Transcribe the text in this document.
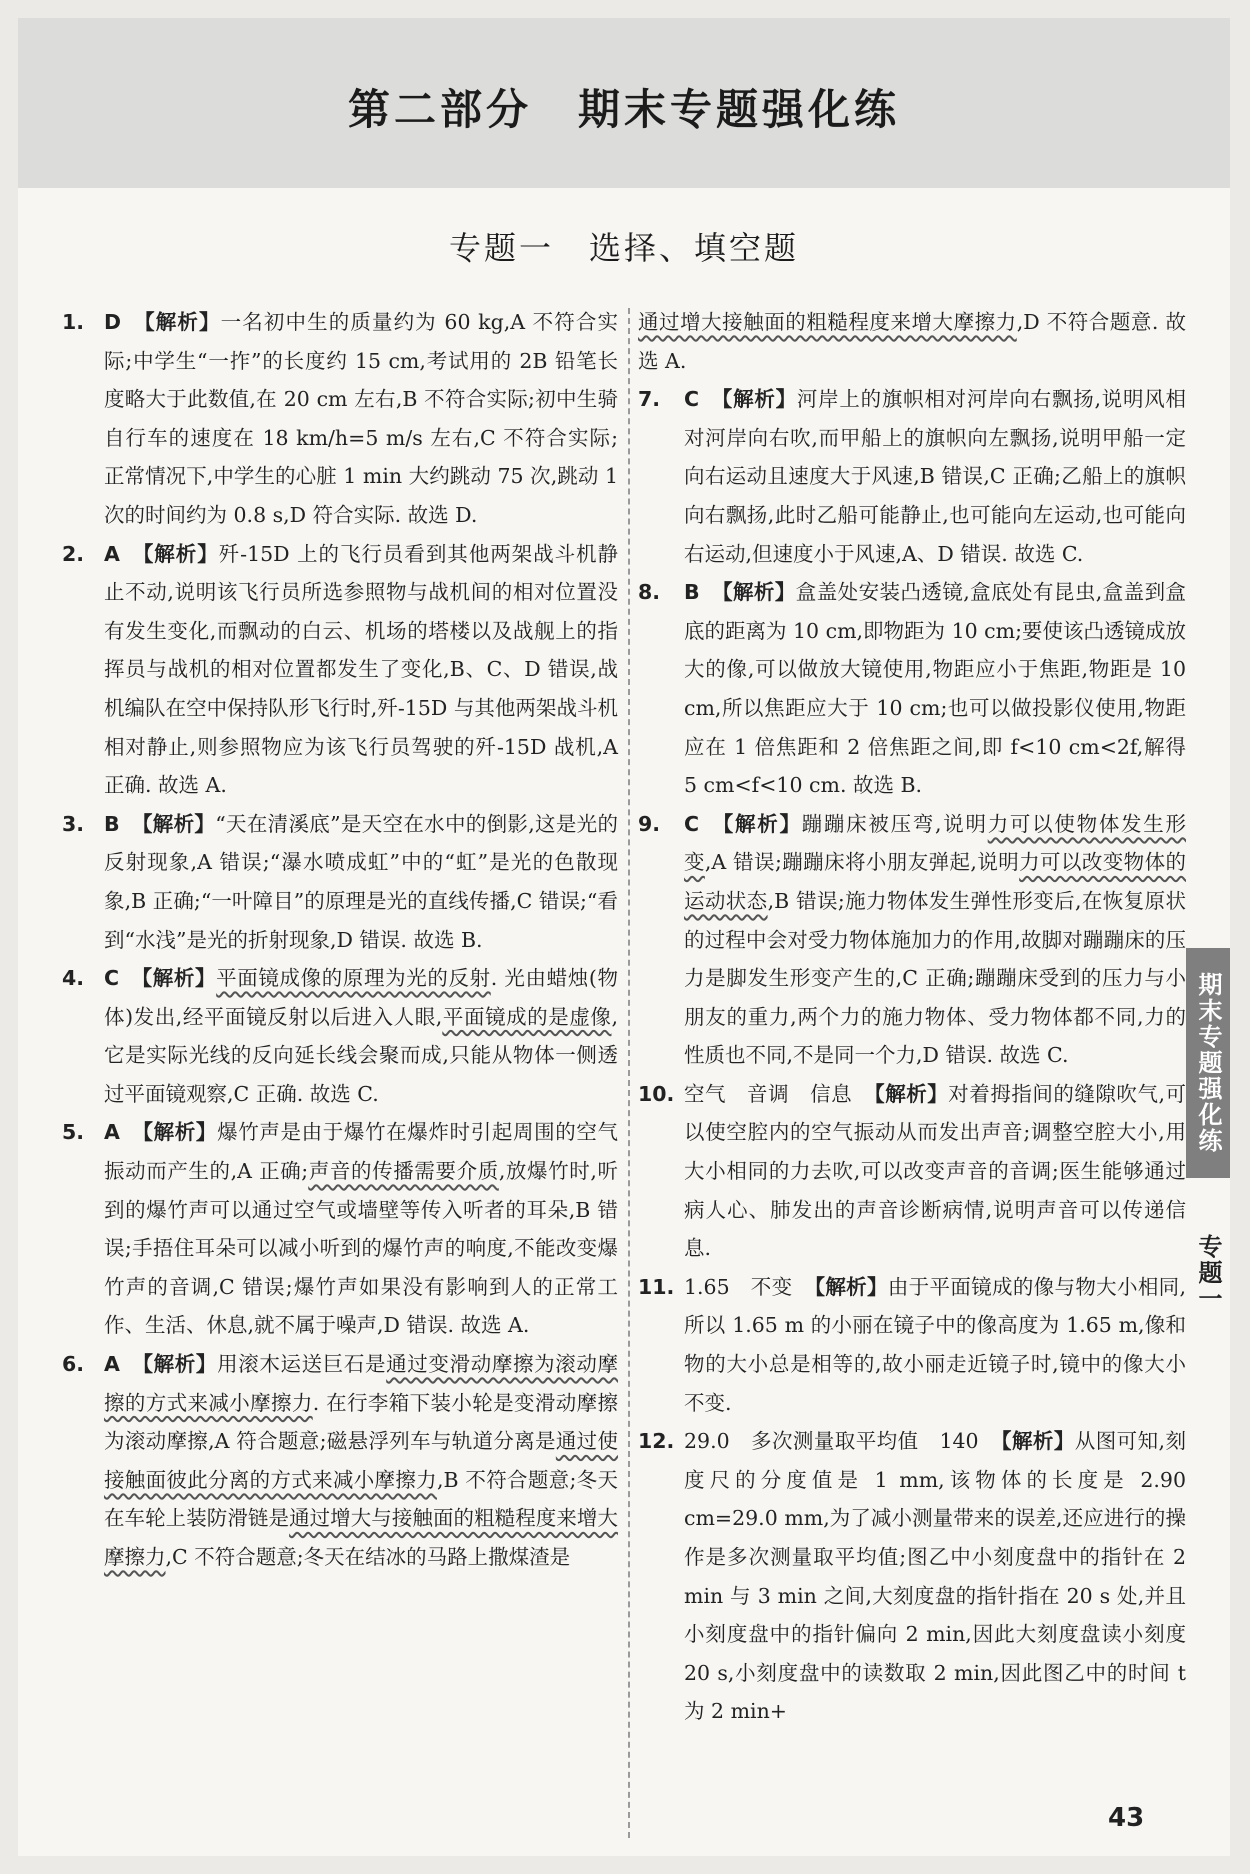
第二部分　期末专题强化练
专题一　选择、填空题
1. D 【解析】一名初中生的质量约为 60 kg,A 不符合实际;中学生“一拃”的长度约 15 cm,考试用的 2B 铅笔长度略大于此数值,在 20 cm 左右,B 不符合实际;初中生骑自行车的速度在 18 km/h=5 m/s 左右,C 不符合实际;正常情况下,中学生的心脏 1 min 大约跳动 75 次,跳动 1 次的时间约为 0.8 s,D 符合实际. 故选 D.
2. A 【解析】歼-15D 上的飞行员看到其他两架战斗机静止不动,说明该飞行员所选参照物与战机间的相对位置没有发生变化,而飘动的白云、机场的塔楼以及战舰上的指挥员与战机的相对位置都发生了变化,B、C、D 错误,战机编队在空中保持队形飞行时,歼-15D 与其他两架战斗机相对静止,则参照物应为该飞行员驾驶的歼-15D 战机,A 正确. 故选 A.
3. B 【解析】“天在清溪底”是天空在水中的倒影,这是光的反射现象,A 错误;“瀑水喷成虹”中的“虹”是光的色散现象,B 正确;“一叶障目”的原理是光的直线传播,C 错误;“看到“水浅”是光的折射现象,D 错误. 故选 B.
4. C 【解析】平面镜成像的原理为光的反射. 光由蜡烛(物体)发出,经平面镜反射以后进入人眼,平面镜成的是虚像,它是实际光线的反向延长线会聚而成,只能从物体一侧透过平面镜观察,C 正确. 故选 C.
5. A 【解析】爆竹声是由于爆竹在爆炸时引起周围的空气振动而产生的,A 正确;声音的传播需要介质,放爆竹时,听到的爆竹声可以通过空气或墙壁等传入听者的耳朵,B 错误;手捂住耳朵可以减小听到的爆竹声的响度,不能改变爆竹声的音调,C 错误;爆竹声如果没有影响到人的正常工作、生活、休息,就不属于噪声,D 错误. 故选 A.
6. A 【解析】用滚木运送巨石是通过变滑动摩擦为滚动摩擦的方式来减小摩擦力. 在行李箱下装小轮是变滑动摩擦为滚动摩擦,A 符合题意;磁悬浮列车与轨道分离是通过使接触面彼此分离的方式来减小摩擦力,B 不符合题意;冬天在车轮上装防滑链是通过增大与接触面的粗糙程度来增大摩擦力,C 不符合题意;冬天在结冰的马路上撒煤渣是
通过增大接触面的粗糙程度来增大摩擦力,D 不符合题意. 故选 A.
7.	C 【解析】河岸上的旗帜相对河岸向右飘扬,说明风相对河岸向右吹,而甲船上的旗帜向左飘扬,说明甲船一定向右运动且速度大于风速,B 错误,C 正确;乙船上的旗帜向右飘扬,此时乙船可能静止,也可能向左运动,也可能向右运动,但速度小于风速,A、D 错误. 故选 C.
8.	B 【解析】盒盖处安装凸透镜,盒底处有昆虫,盒盖到盒底的距离为 10 cm,即物距为 10 cm;要使该凸透镜成放大的像,可以做放大镜使用,物距应小于焦距,物距是 10 cm,所以焦距应大于 10 cm;也可以做投影仪使用,物距应在 1 倍焦距和 2 倍焦距之间,即 f<10 cm<2f,解得 5 cm<f<10 cm. 故选 B.
9.	C 【解析】蹦蹦床被压弯,说明力可以使物体发生形变,A 错误;蹦蹦床将小朋友弹起,说明力可以改变物体的运动状态,B 错误;施力物体发生弹性形变后,在恢复原状的过程中会对受力物体施加力的作用,故脚对蹦蹦床的压力是脚发生形变产生的,C 正确;蹦蹦床受到的压力与小朋友的重力,两个力的施力物体、受力物体都不同,力的性质也不同,不是同一个力,D 错误. 故选 C.
10. 空气　音调　信息 【解析】对着拇指间的缝隙吹气,可以使空腔内的空气振动从而发出声音;调整空腔大小,用大小相同的力去吹,可以改变声音的音调;医生能够通过病人心、肺发出的声音诊断病情,说明声音可以传递信息.
11. 1.65　不变 【解析】由于平面镜成的像与物大小相同,所以 1.65 m 的小丽在镜子中的像高度为 1.65 m,像和物的大小总是相等的,故小丽走近镜子时,镜中的像大小不变.
12. 29.0　多次测量取平均值　140 【解析】从图可知,刻度尺的分度值是 1 mm,该物体的长度是 2.90 cm=29.0 mm,为了减小测量带来的误差,还应进行的操作是多次测量取平均值;图乙中小刻度盘中的指针在 2 min 与 3 min 之间,大刻度盘的指针指在 20 s 处,并且小刻度盘中的指针偏向 2 min,因此大刻度盘读小刻度 20 s,小刻度盘中的读数取 2 min,因此图乙中的时间 t 为 2 min+
期末专题强化练
专题一
43
